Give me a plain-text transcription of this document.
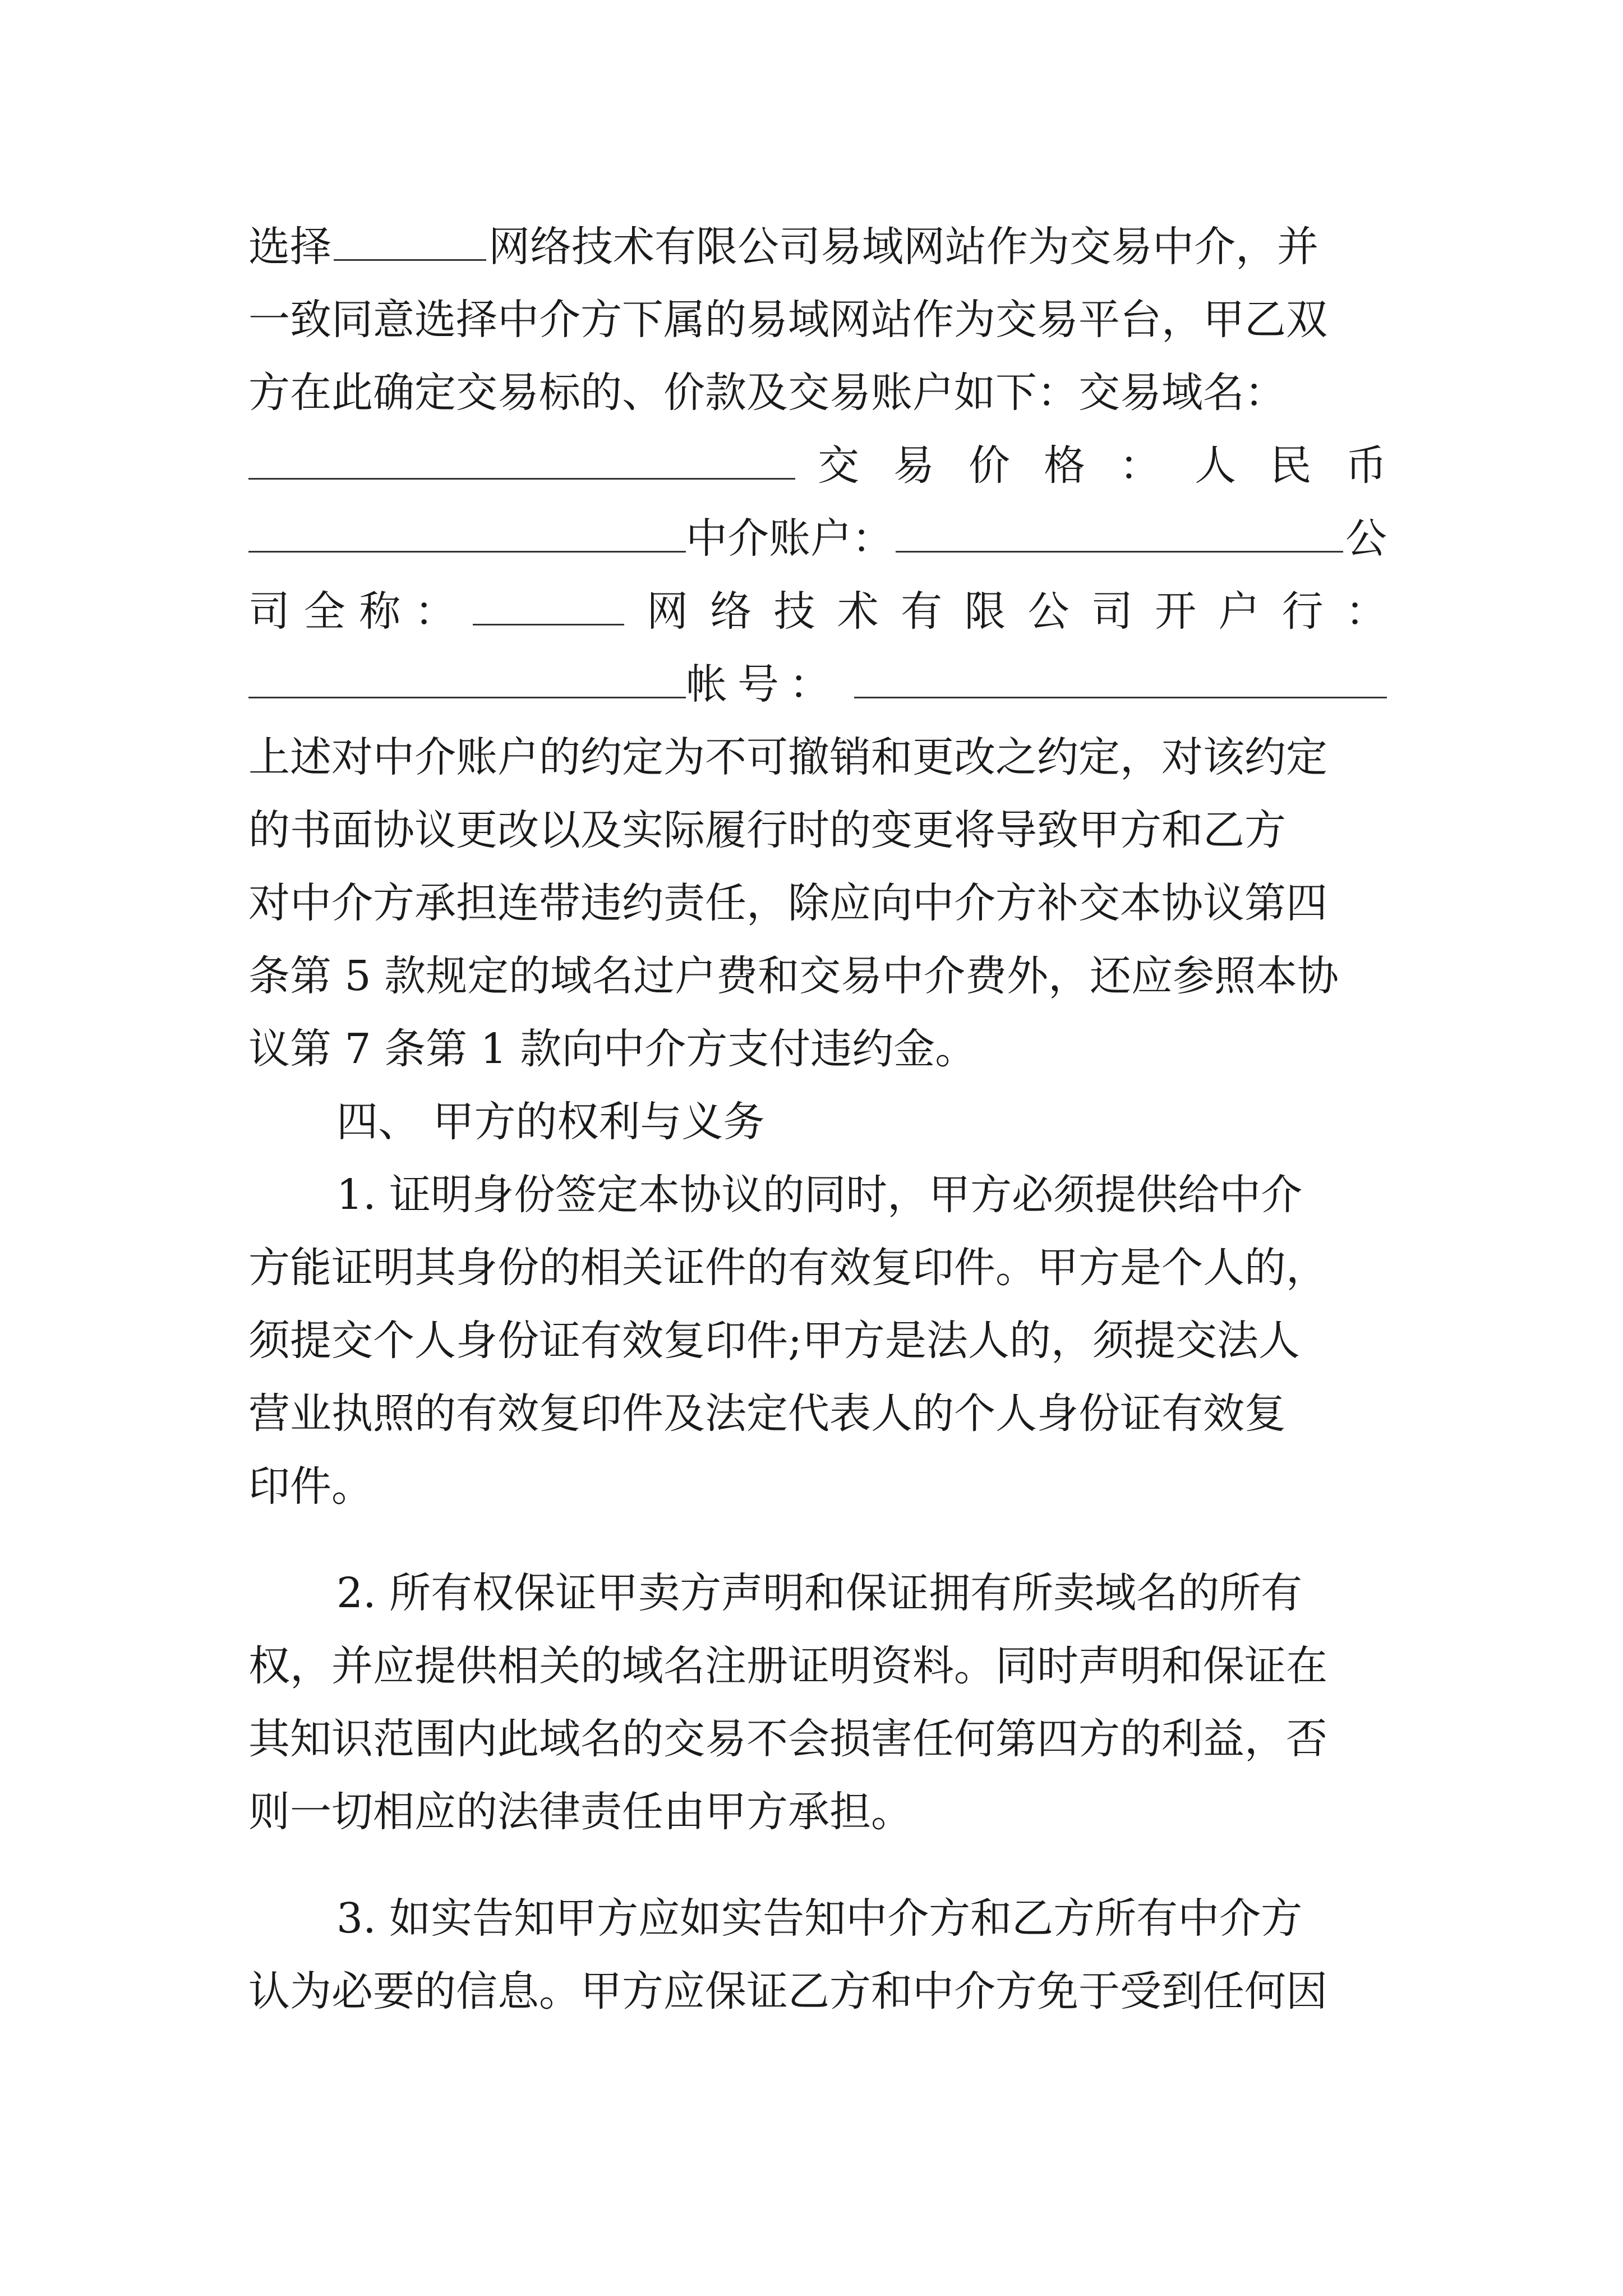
选择	网络技术有限公司易域网站作为交易中介，并
一致同意选择中介方下属的易域网站作为交易平台，甲乙双
方在此确定交易标的、价款及交易账户如下：交易域名：
交 易 价 格 ： 人 民 币
中介账户：	公
司 全 称 ：	网 络 技 术 有 限 公 司 开 户 行 ：
帐号：
上述对中介账户的约定为不可撤销和更改之约定，对该约定
的书面协议更改以及实际履行时的变更将导致甲方和乙方
对中介方承担连带违约责任，除应向中介方补交本协议第四
条第 5 款规定的域名过户费和交易中介费外，还应参照本协
议第 7 条第 1 款向中介方支付违约金。
四、 甲方的权利与义务
1. 证明身份签定本协议的同时，甲方必须提供给中介
方能证明其身份的相关证件的有效复印件。甲方是个人的，
须提交个人身份证有效复印件;甲方是法人的，须提交法人
营业执照的有效复印件及法定代表人的个人身份证有效复
印件。
2. 所有权保证甲卖方声明和保证拥有所卖域名的所有
权，并应提供相关的域名注册证明资料。同时声明和保证在
其知识范围内此域名的交易不会损害任何第四方的利益，否
则一切相应的法律责任由甲方承担。
3. 如实告知甲方应如实告知中介方和乙方所有中介方
认为必要的信息。甲方应保证乙方和中介方免于受到任何因
